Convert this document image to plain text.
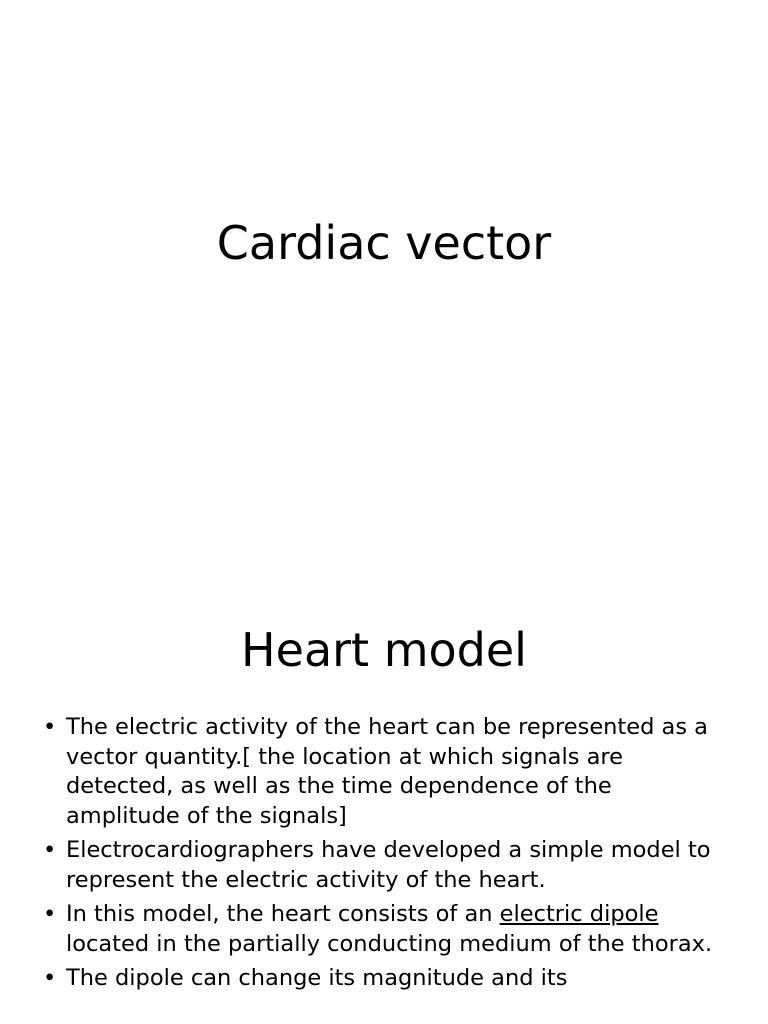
Cardiac vector
Heart model
• The electric activity of the heart can be represented as a vector quantity.[ the location at which signals are detected, as well as the time dependence of the amplitude of the signals]
• Electrocardiographers have developed a simple model to represent the electric activity of the heart.
• In this model, the heart consists of an electric dipole located in the partially conducting medium of the thorax.
• The dipole can change its magnitude and its
